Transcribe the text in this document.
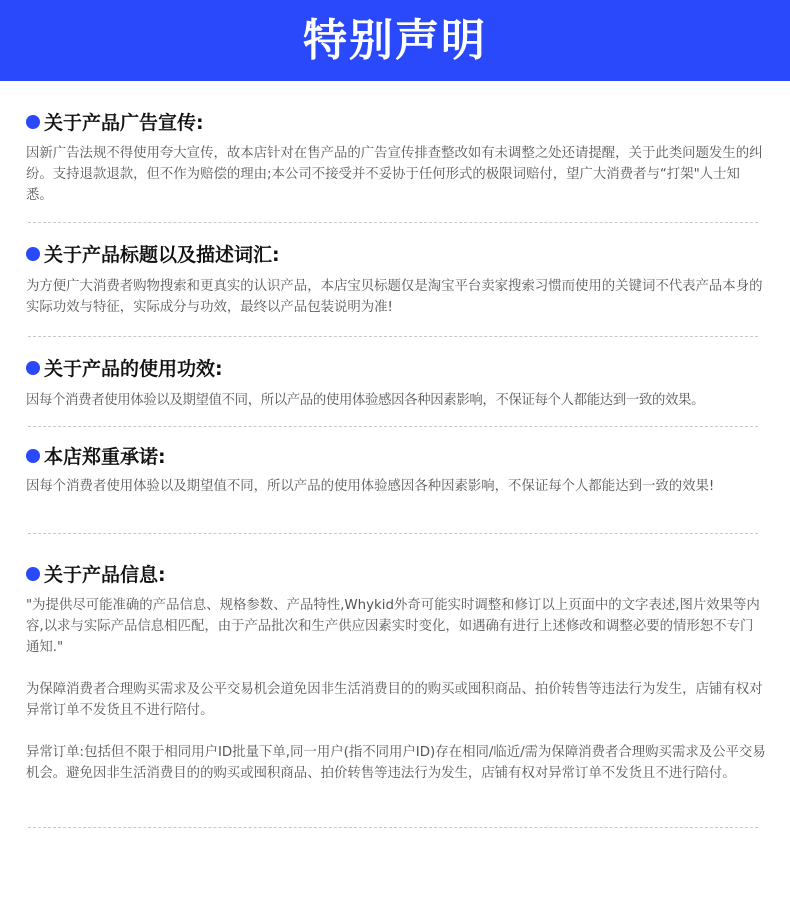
特别声明
关于产品广告宣传:

因新广告法规不得使用夸大宣传，故本店针对在售产品的广告宣传排查整改如有未调整之处还请提醒，关于此类问题发生的纠纷。支持退款退款，但不作为赔偿的理由;本公司不接受并不妥协于任何形式的极限词赔付，望广大消费者与“打架"人士知悉。

关于产品标题以及描述词汇:

为方便广大消费者购物搜索和更真实的认识产品，本店宝贝标题仅是淘宝平台卖家搜索习惯而使用的关键词不代表产品本身的实际功效与特征，实际成分与功效，最终以产品包装说明为准!

关于产品的使用功效:

因每个消费者使用体验以及期望值不同，所以产品的使用体验感因各种因素影响，不保证每个人都能达到一致的效果。

本店郑重承诺:

因每个消费者使用体验以及期望值不同，所以产品的使用体验感因各种因素影响，不保证每个人都能达到一致的效果!

关于产品信息:

"为提供尽可能准确的产品信息、规格参数、产品特性,Whykid外奇可能实时调整和修订以上页面中的文字表述,图片效果等内容,以求与实际产品信息相匹配，由于产品批次和生产供应因素实时变化，如遇确有进行上述修改和调整必要的情形恕不专门通知."

为保障消费者合理购买需求及公平交易机会道免因非生活消费目的的购买或囤积商品、拍价转售等违法行为发生，店铺有权对异常订单不发货且不进行陪付。

异常订单:包括但不限于相同用户ID批量下单,同一用户(指不同用户ID)存在相同/临近/需为保障消费者合理购买需求及公平交易机会。避免因非生活消费目的的购买或囤积商品、拍价转售等违法行为发生，店铺有权对异常订单不发货且不进行陪付。
